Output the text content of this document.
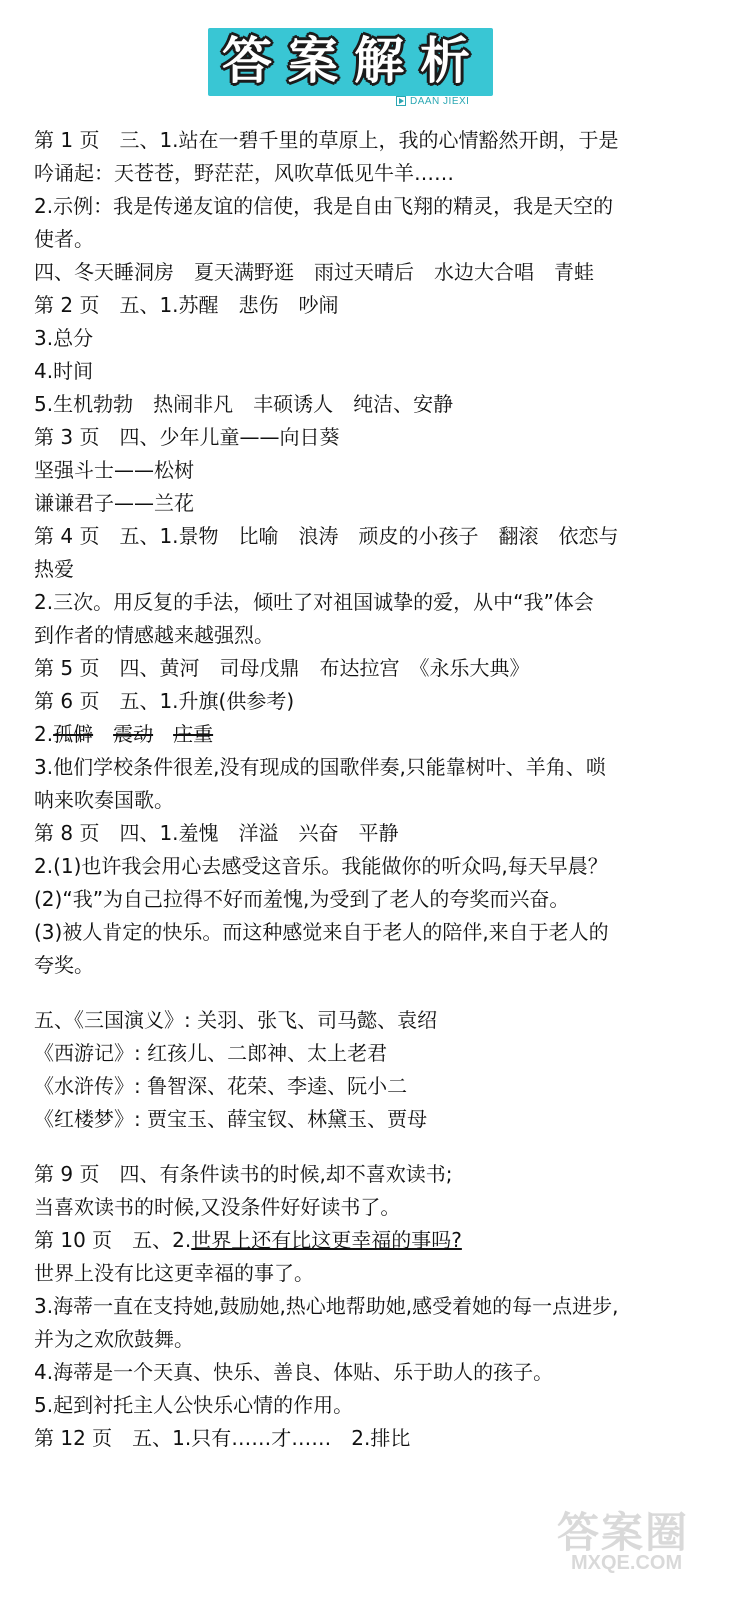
答 案 解 析
DAAN JIEXI
第 1 页　三、1.站在一碧千里的草原上，我的心情豁然开朗，于是
吟诵起：天苍苍，野茫茫，风吹草低见牛羊……
2.示例：我是传递友谊的信使，我是自由飞翔的精灵，我是天空的
使者。
四、冬天睡洞房　夏天满野逛　雨过天晴后　水边大合唱　青蛙
第 2 页　五、1.苏醒　悲伤　吵闹
3.总分
4.时间
5.生机勃勃　热闹非凡　丰硕诱人　纯洁、安静
第 3 页　四、少年儿童——向日葵
坚强斗士——松树
谦谦君子——兰花
第 4 页　五、1.景物　比喻　浪涛　顽皮的小孩子　翻滚　依恋与
热爱
2.三次。用反复的手法，倾吐了对祖国诚挚的爱，从中“我”体会
到作者的情感越来越强烈。
第 5 页　四、黄河　司母戊鼎　布达拉宫　《永乐大典》
第 6 页　五、1.升旗(供参考)
2.孤僻　 震动　 庄重
3.他们学校条件很差,没有现成的国歌伴奏,只能靠树叶、羊角、唢
呐来吹奏国歌。
第 8 页　四、1.羞愧　洋溢　兴奋　平静
2.(1)也许我会用心去感受这音乐。我能做你的听众吗,每天早晨？
(2)“我”为自己拉得不好而羞愧,为受到了老人的夸奖而兴奋。
(3)被人肯定的快乐。而这种感觉来自于老人的陪伴,来自于老人的
夸奖。
五、《三国演义》: 关羽、张飞、司马懿、袁绍
《西游记》: 红孩儿、二郎神、太上老君
《水浒传》: 鲁智深、花荣、李逵、阮小二
《红楼梦》: 贾宝玉、薛宝钗、林黛玉、贾母
第 9 页　四、有条件读书的时候,却不喜欢读书;
当喜欢读书的时候,又没条件好好读书了。
第 10 页　五、2.世界上还有比这更幸福的事吗?
世界上没有比这更幸福的事了。
3.海蒂一直在支持她,鼓励她,热心地帮助她,感受着她的每一点进步,
并为之欢欣鼓舞。
4.海蒂是一个天真、快乐、善良、体贴、乐于助人的孩子。
5.起到衬托主人公快乐心情的作用。
第 12 页　五、1.只有……才……　2.排比
答案圈
MXQE.COM
